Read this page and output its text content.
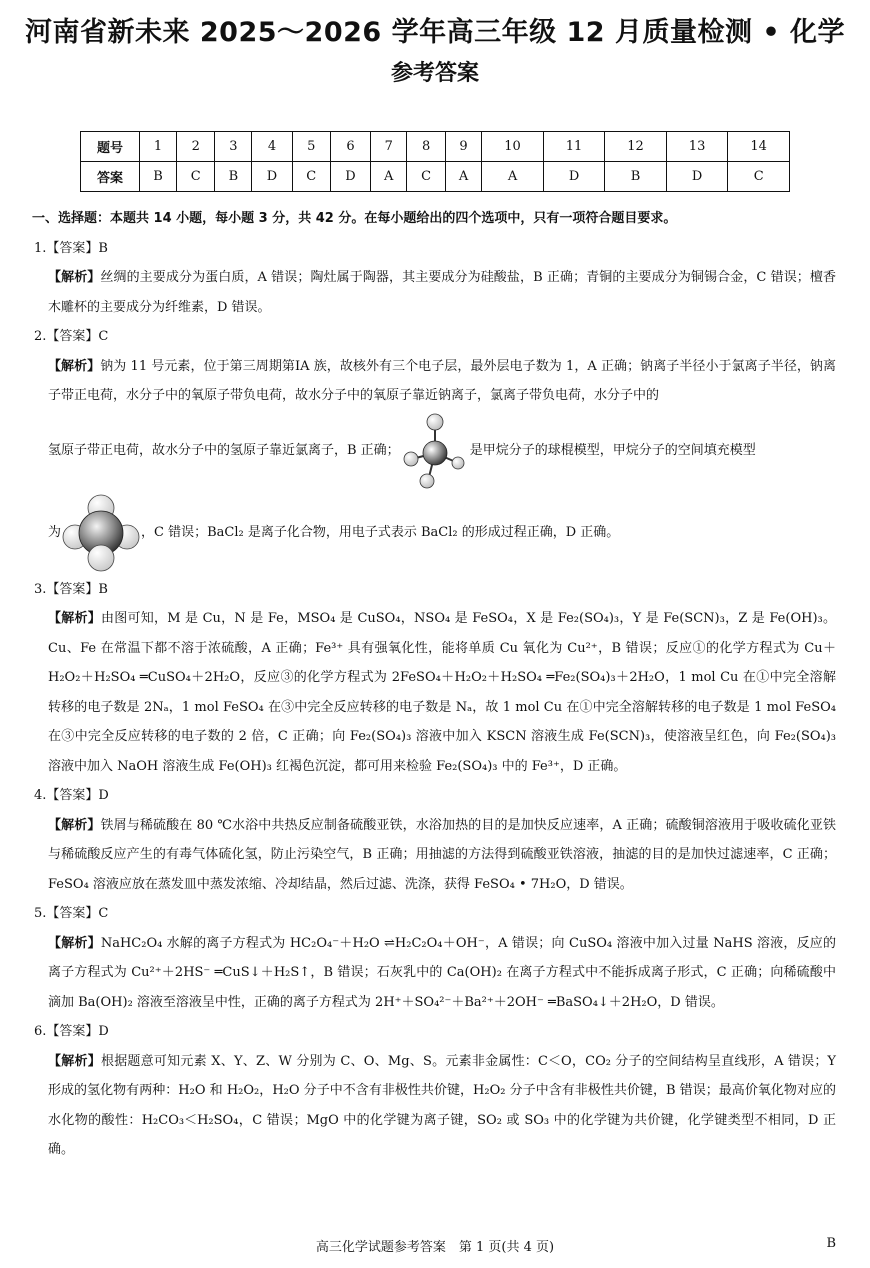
河南省新未来 2025～2026 学年高三年级 12 月质量检测 • 化学
参考答案
题号	1	2	3	4	5	6	7	8	9	10	11	12	13	14
答案	B	C	B	D	C	D	A	C	A	A	D	B	D	C
一、选择题：本题共 14 小题，每小题 3 分，共 42 分。在每小题给出的四个选项中，只有一项符合题目要求。
1.【答案】B

【解析】丝绸的主要成分为蛋白质，A 错误；陶灶属于陶器，其主要成分为硅酸盐，B 正确；青铜的主要成分为铜锡合金，C 错误；檀香木雕杯的主要成分为纤维素，D 错误。

2.【答案】C

【解析】钠为 11 号元素，位于第三周期第ⅠA 族，故核外有三个电子层，最外层电子数为 1，A 正确；钠离子半径小于氯离子半径，钠离子带正电荷，水分子中的氧原子带负电荷，故水分子中的氧原子靠近钠离子，氯离子带负电荷，水分子中的

氢原子带正电荷，故水分子中的氢原子靠近氯离子，B 正确；	是甲烷分子的球棍模型，甲烷分子的空间填充模型
为	，C 错误；BaCl₂ 是离子化合物，用电子式表示 BaCl₂ 的形成过程正确，D 正确。
3.【答案】B

【解析】由图可知，M 是 Cu，N 是 Fe，MSO₄ 是 CuSO₄，NSO₄ 是 FeSO₄，X 是 Fe₂(SO₄)₃，Y 是 Fe(SCN)₃，Z 是 Fe(OH)₃。Cu、Fe 在常温下都不溶于浓硫酸，A 正确；Fe³⁺ 具有强氧化性，能将单质 Cu 氧化为 Cu²⁺，B 错误；反应①的化学方程式为 Cu＋H₂O₂＋H₂SO₄ ═CuSO₄＋2H₂O，反应③的化学方程式为 2FeSO₄＋H₂O₂＋H₂SO₄ ═Fe₂(SO₄)₃＋2H₂O，1 mol Cu 在①中完全溶解转移的电子数是 2Nₐ，1 mol FeSO₄ 在③中完全反应转移的电子数是 Nₐ，故 1 mol Cu 在①中完全溶解转移的电子数是 1 mol FeSO₄ 在③中完全反应转移的电子数的 2 倍，C 正确；向 Fe₂(SO₄)₃ 溶液中加入 KSCN 溶液生成 Fe(SCN)₃，使溶液呈红色，向 Fe₂(SO₄)₃ 溶液中加入 NaOH 溶液生成 Fe(OH)₃ 红褐色沉淀，都可用来检验 Fe₂(SO₄)₃ 中的 Fe³⁺，D 正确。

4.【答案】D

【解析】铁屑与稀硫酸在 80 ℃水浴中共热反应制备硫酸亚铁，水浴加热的目的是加快反应速率，A 正确；硫酸铜溶液用于吸收硫化亚铁与稀硫酸反应产生的有毒气体硫化氢，防止污染空气，B 正确；用抽滤的方法得到硫酸亚铁溶液，抽滤的目的是加快过滤速率，C 正确；FeSO₄ 溶液应放在蒸发皿中蒸发浓缩、冷却结晶，然后过滤、洗涤，获得 FeSO₄ • 7H₂O，D 错误。

5.【答案】C

【解析】NaHC₂O₄ 水解的离子方程式为 HC₂O₄⁻＋H₂O ⇌H₂C₂O₄＋OH⁻，A 错误；向 CuSO₄ 溶液中加入过量 NaHS 溶液，反应的离子方程式为 Cu²⁺＋2HS⁻ ═CuS↓＋H₂S↑，B 错误；石灰乳中的 Ca(OH)₂ 在离子方程式中不能拆成离子形式，C 正确；向稀硫酸中滴加 Ba(OH)₂ 溶液至溶液呈中性，正确的离子方程式为 2H⁺＋SO₄²⁻＋Ba²⁺＋2OH⁻ ═BaSO₄↓＋2H₂O，D 错误。

6.【答案】D

【解析】根据题意可知元素 X、Y、Z、W 分别为 C、O、Mg、S。元素非金属性：C＜O，CO₂ 分子的空间结构呈直线形，A 错误；Y 形成的氢化物有两种：H₂O 和 H₂O₂，H₂O 分子中不含有非极性共价键，H₂O₂ 分子中含有非极性共价键，B 错误；最高价氧化物对应的水化物的酸性：H₂CO₃＜H₂SO₄，C 错误；MgO 中的化学键为离子键，SO₂ 或 SO₃ 中的化学键为共价键，化学键类型不相同，D 正确。

高三化学试题参考答案　第 1 页(共 4 页)	B
